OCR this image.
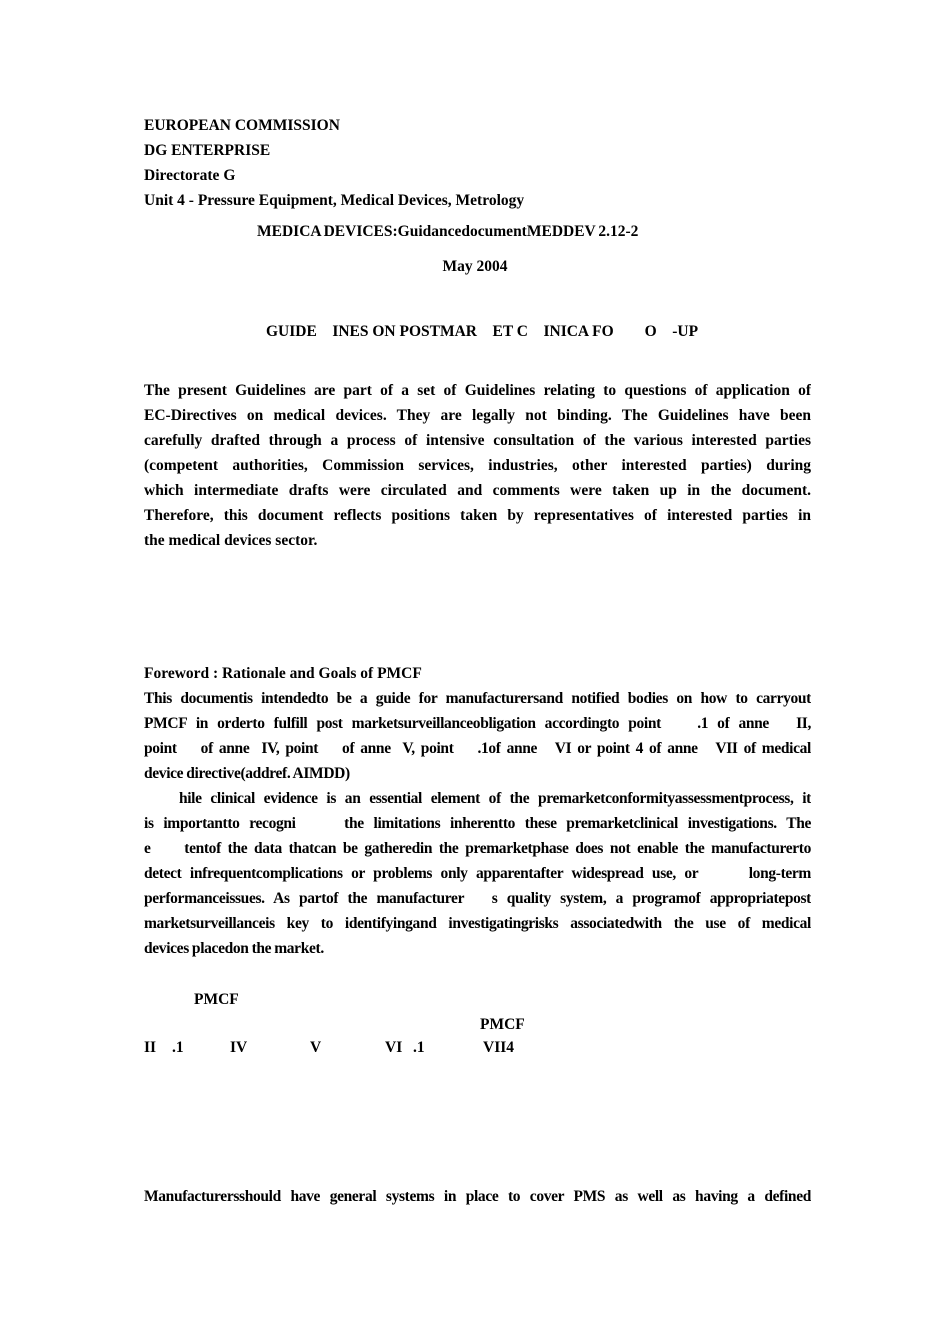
EUROPEAN COMMISSION
DG ENTERPRISE
Directorate G
Unit 4 - Pressure Equipment, Medical Devices, Metrology
MEDICA DEVICES:GuidancedocumentMEDDEV 2.12-2
May 2004
GUIDE    INES ON POSTMAR    ET C    INICA FO        O    -UP
The present Guidelines are part of a set of Guidelines relating to questions of application of
EC-Directives on medical devices. They are legally not binding. The Guidelines have been
carefully drafted through a process of intensive consultation of the various interested parties
(competent authorities, Commission services, industries, other interested parties) during
which intermediate drafts were circulated and comments were taken up in the document.
Therefore, this document reflects positions taken by representatives of interested parties in
the medical devices sector.
Foreword : Rationale and Goals of PMCF
This documentis intendedto be a guide for manufacturersand notified bodies on how to carryout
PMCF in orderto fulfill post marketsurveillanceobligation accordingto point    .1 of anne   II,
point    of anne  IV, point    of anne  V, point    .1of anne   VI or point 4 of anne   VII of medical
device directive(addref. AIMDD)
hile clinical evidence is an essential element of the premarketconformityassessmentprocess, it
is importantto recogni     the limitations inherentto these premarketclinical investigations. The
e     tentof the data thatcan be gatheredin the premarketphase does not enable the manufacturerto
detect infrequentcomplications or problems only apparentafter widespread use, or      long-term
performanceissues. As partof the manufacturer   s quality system, a programof appropriatepost
marketsurveillanceis key to identifyingand investigatingrisks associatedwith the use of medical
devices placedon the market.
PMCF
PMCF
II .1	IV	V	VI .1	VII4
Manufacturersshould have general systems in place to cover PMS as well as having a defined
